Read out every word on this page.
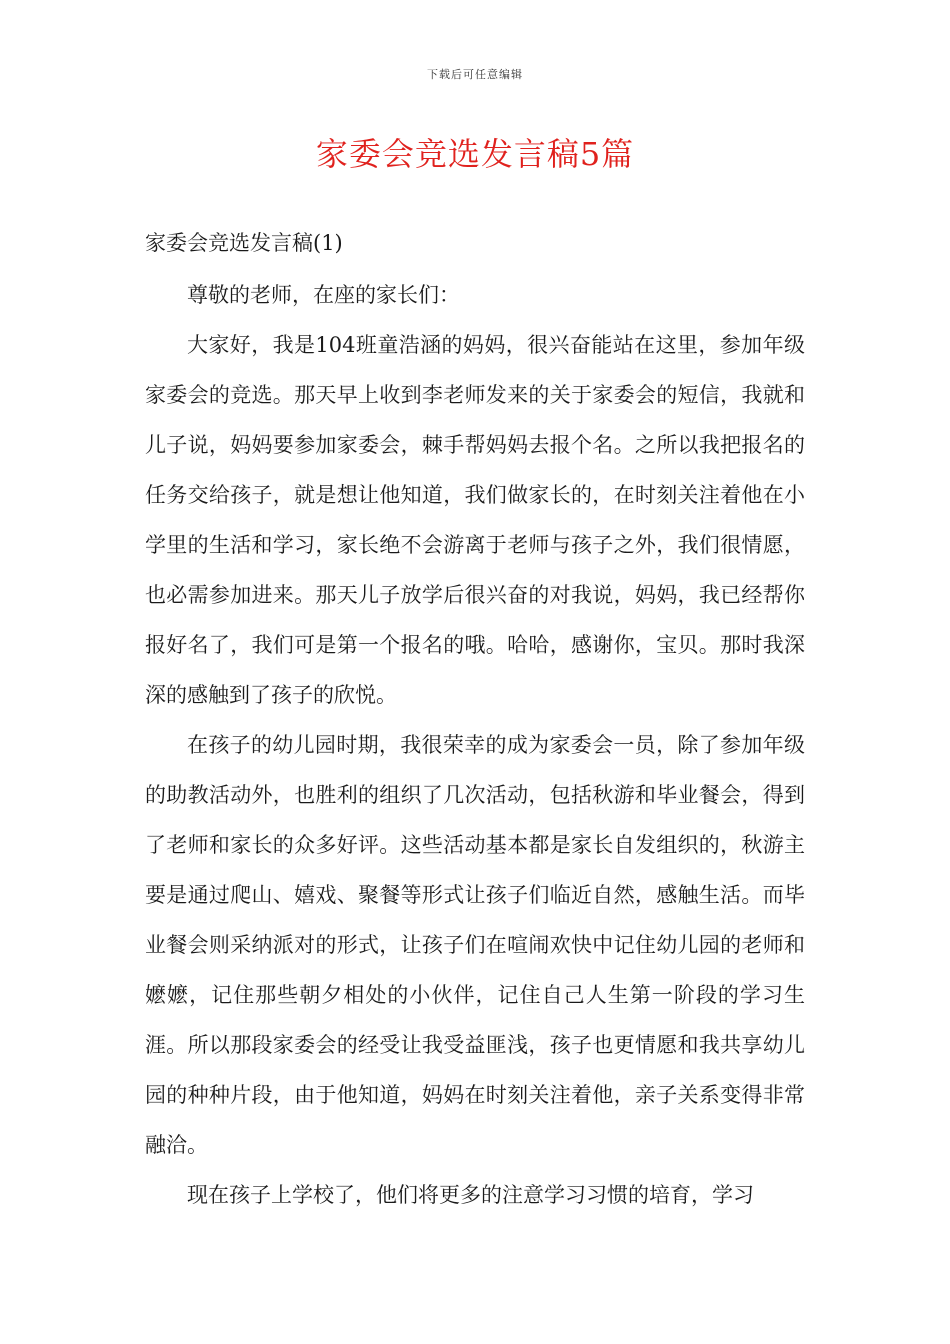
下载后可任意编辑
家委会竞选发言稿5篇
家委会竞选发言稿(1)

尊敬的老师，在座的家长们：

大家好，我是104班童浩涵的妈妈，很兴奋能站在这里，参加年级家委会的竞选。那天早上收到李老师发来的关于家委会的短信，我就和儿子说，妈妈要参加家委会，棘手帮妈妈去报个名。之所以我把报名的任务交给孩子，就是想让他知道，我们做家长的，在时刻关注着他在小学里的生活和学习，家长绝不会游离于老师与孩子之外，我们很情愿，也必需参加进来。那天儿子放学后很兴奋的对我说，妈妈，我已经帮你报好名了，我们可是第一个报名的哦。哈哈，感谢你，宝贝。那时我深深的感触到了孩子的欣悦。

在孩子的幼儿园时期，我很荣幸的成为家委会一员，除了参加年级的助教活动外，也胜利的组织了几次活动，包括秋游和毕业餐会，得到了老师和家长的众多好评。这些活动基本都是家长自发组织的，秋游主要是通过爬山、嬉戏、聚餐等形式让孩子们临近自然，感触生活。而毕业餐会则采纳派对的形式，让孩子们在喧闹欢快中记住幼儿园的老师和嬷嬷，记住那些朝夕相处的小伙伴，记住自己人生第一阶段的学习生涯。所以那段家委会的经受让我受益匪浅，孩子也更情愿和我共享幼儿园的种种片段，由于他知道，妈妈在时刻关注着他，亲子关系变得非常融洽。

现在孩子上学校了，他们将更多的注意学习习惯的培育，学习
